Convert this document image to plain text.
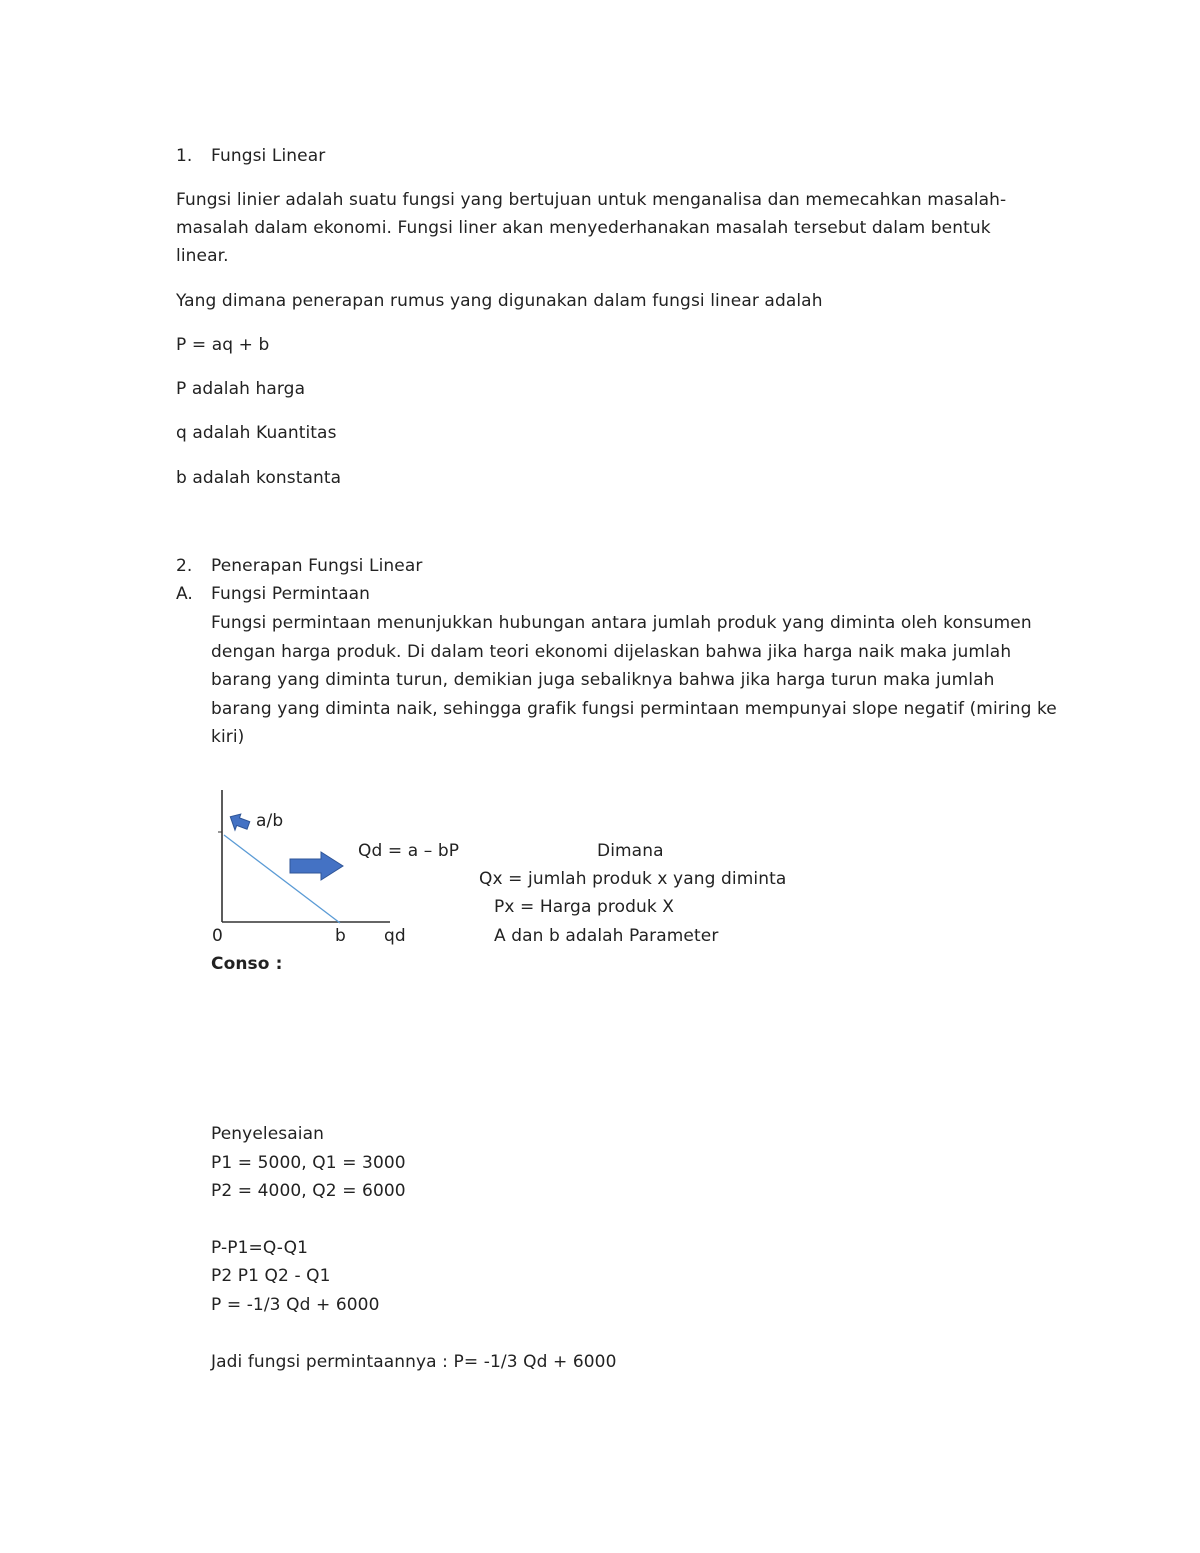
1. Fungsi Linear
Fungsi linier adalah suatu fungsi yang bertujuan untuk menganalisa dan memecahkan masalah-
masalah dalam ekonomi. Fungsi liner akan menyederhanakan masalah tersebut dalam bentuk
linear.
Yang dimana penerapan rumus yang digunakan dalam fungsi linear adalah
P = aq + b
P adalah harga
q adalah Kuantitas
b adalah konstanta
2. Penerapan Fungsi Linear
A. Fungsi Permintaan
Fungsi permintaan menunjukkan hubungan antara jumlah produk yang diminta oleh konsumen
dengan harga produk. Di dalam teori ekonomi dijelaskan bahwa jika harga naik maka jumlah
barang yang diminta turun, demikian juga sebaliknya bahwa jika harga turun maka jumlah
barang yang diminta naik, sehingga grafik fungsi permintaan mempunyai slope negatif (miring ke
kiri)
a/b
0	b qd
Qd = a – bP	Dimana
Qx = jumlah produk x yang diminta
Px = Harga produk X
A dan b adalah Parameter
Conso :
Penyelesaian
P1 = 5000, Q1 = 3000
P2 = 4000, Q2 = 6000
P-P1=Q-Q1
P2 P1 Q2 - Q1
P = -1/3 Qd + 6000
Jadi fungsi permintaannya : P= -1/3 Qd + 6000
